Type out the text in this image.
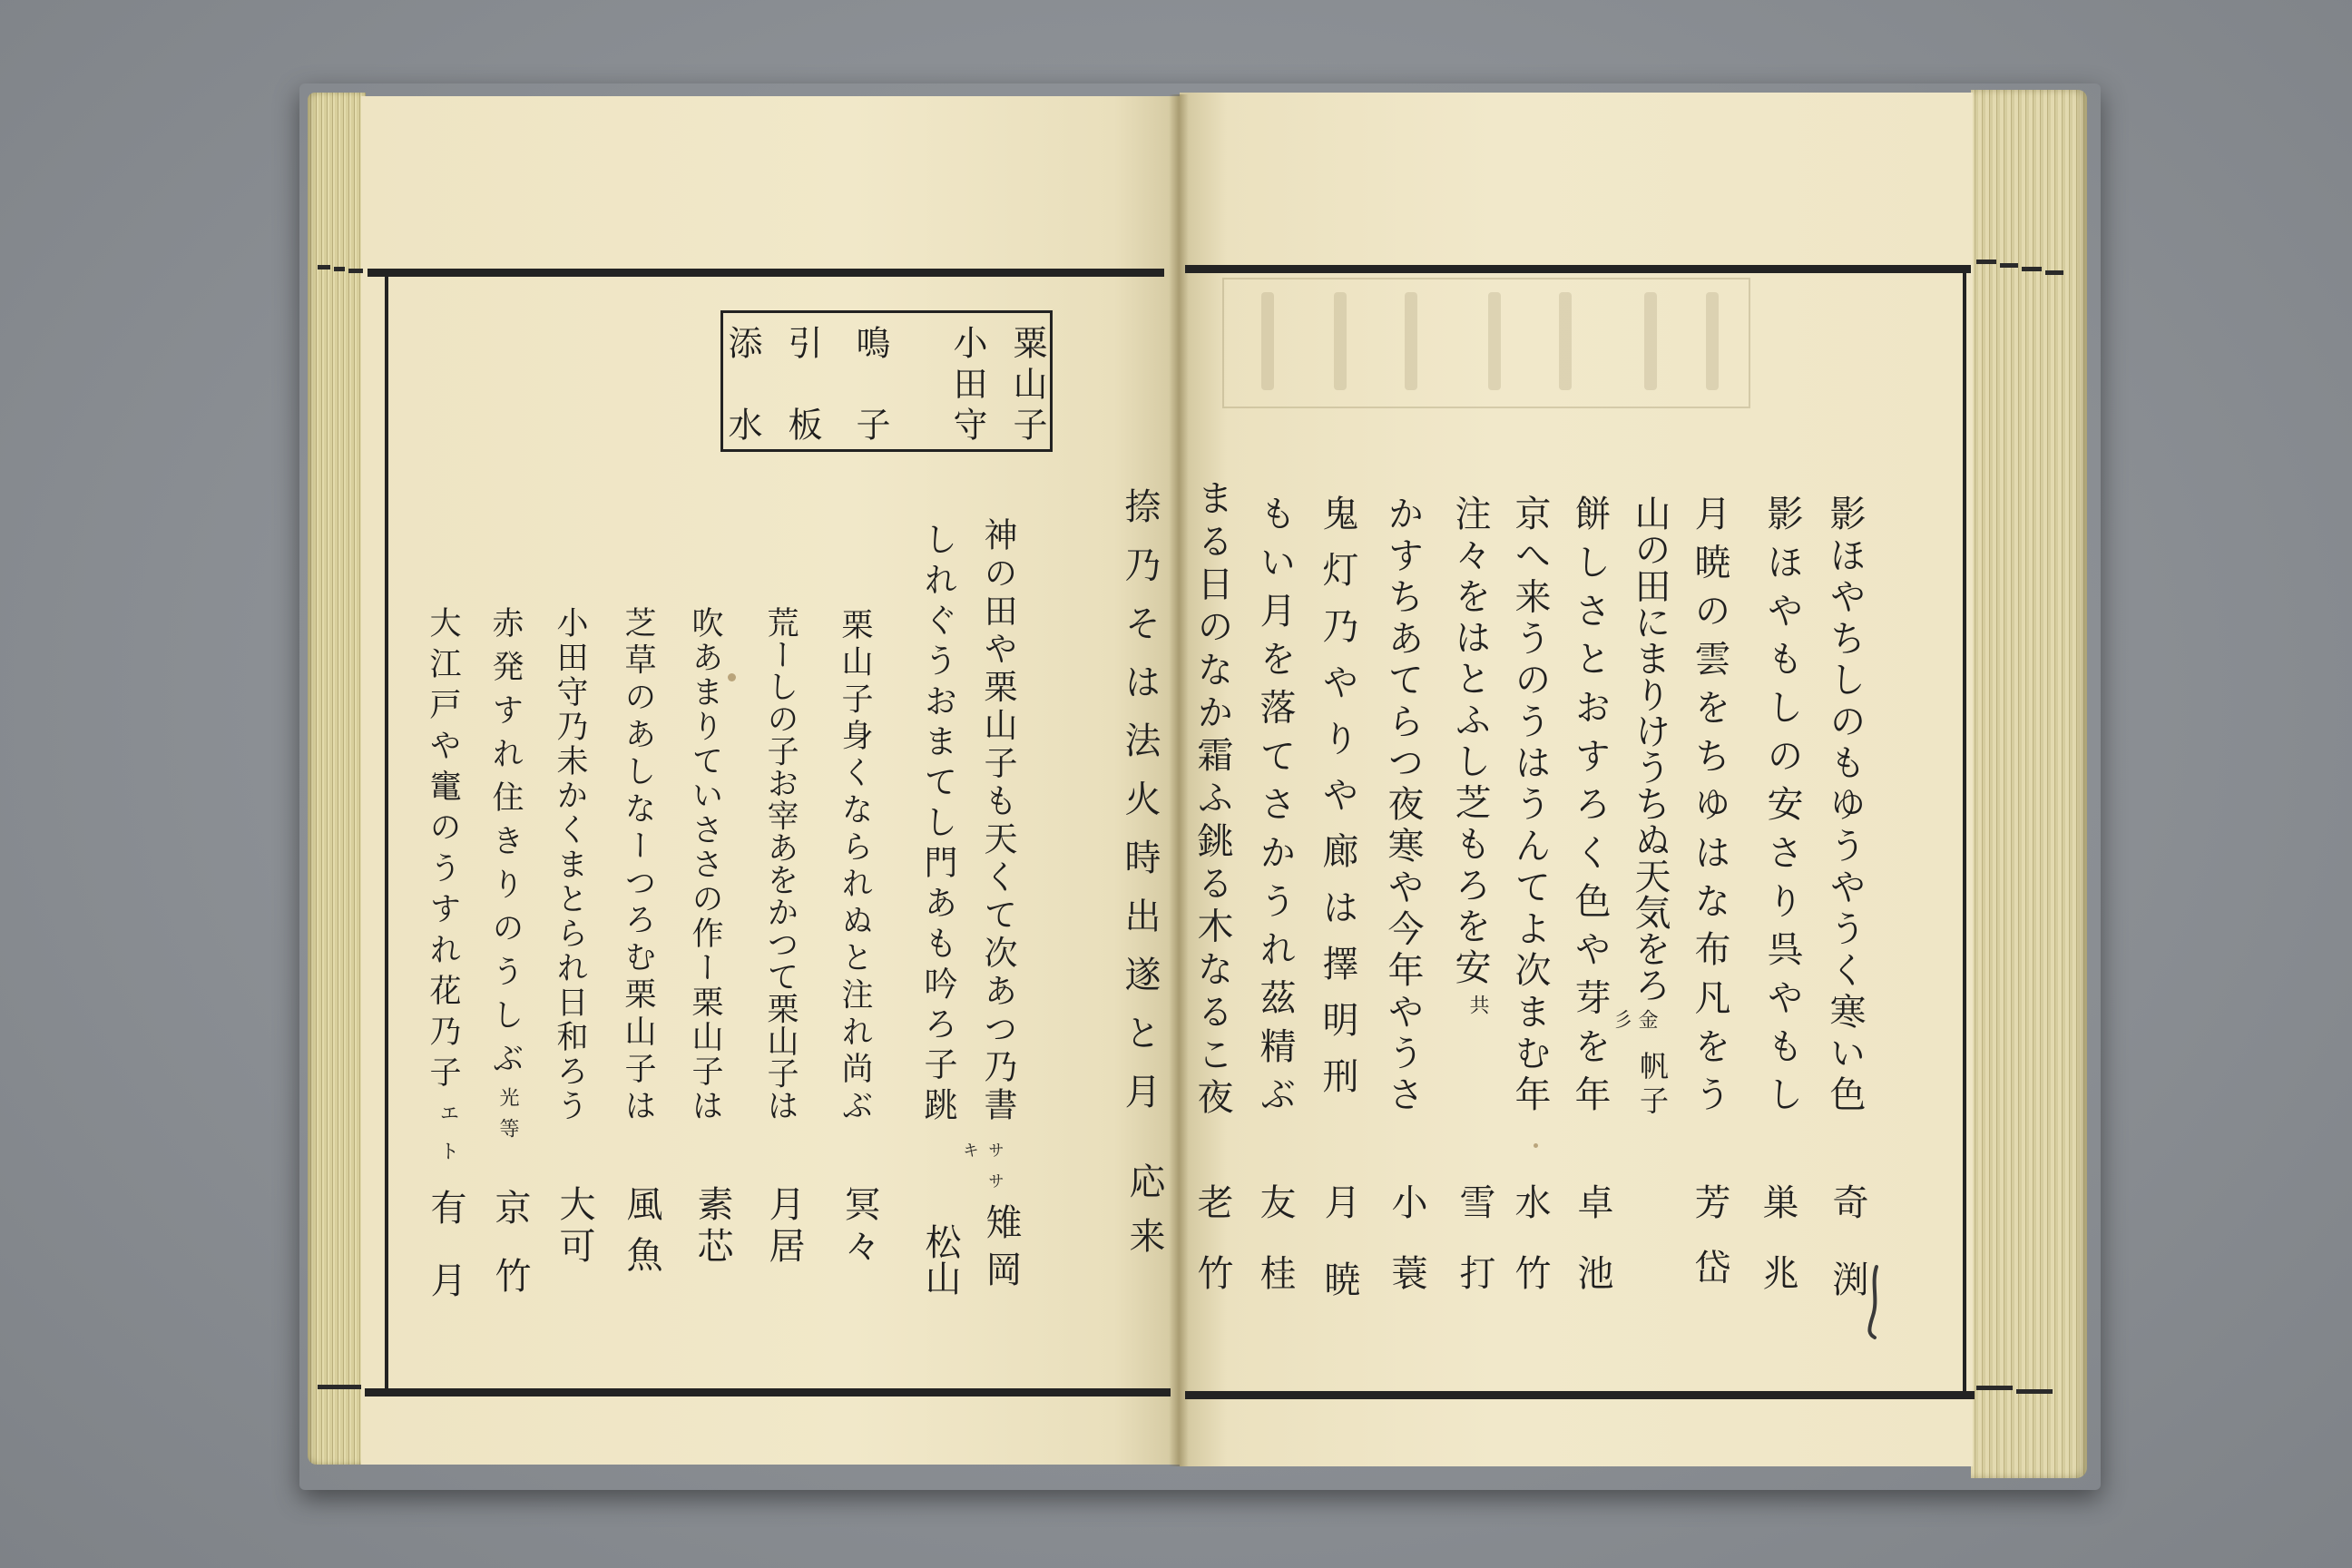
粟山子
小田守
鳴子
引板
添水
影ほやちしのもゆうやうく寒い色
奇渕
影ほやもしの安さり呉やもし
巣兆
月暁の雲をちゆはな布凡をう
芳岱
山の田にまりけうちぬ天気をろ
金彡
帆子
餅しさとおすろく色や芽を年
卓池
京へ来うのうはうんてよ次まむ年
水竹
注々をはとふし芝もろを安
共
雪打
かすちあてらつ夜寒や今年やうさ
小蓑
鬼灯乃やりや廊は擇明刑
月暁
もい月を落てさかうれ茲精ぶ
友桂
まる日のなか霜ふ銚る木なるこ夜
老竹
捺乃そは法火時出遂と月
応来
神の田や栗山子も天くて次あつ乃書
ササキ
雉岡
しれぐうおまてし門あも吟ろ子跳
松山
栗山子身くなられぬと注れ尚ぶ
冥々
荒ーしの子お宰あをかつて栗山子は
月居
吹あまりていささの作ー栗山子は
素芯
芝草のあしなーつろむ栗山子は
風魚
小田守乃未かくまとられ日和ろう
大可
赤発すれ住きりのうしぶ
光等
京竹
大江戸や竃のうすれ花乃子
エト
有月
